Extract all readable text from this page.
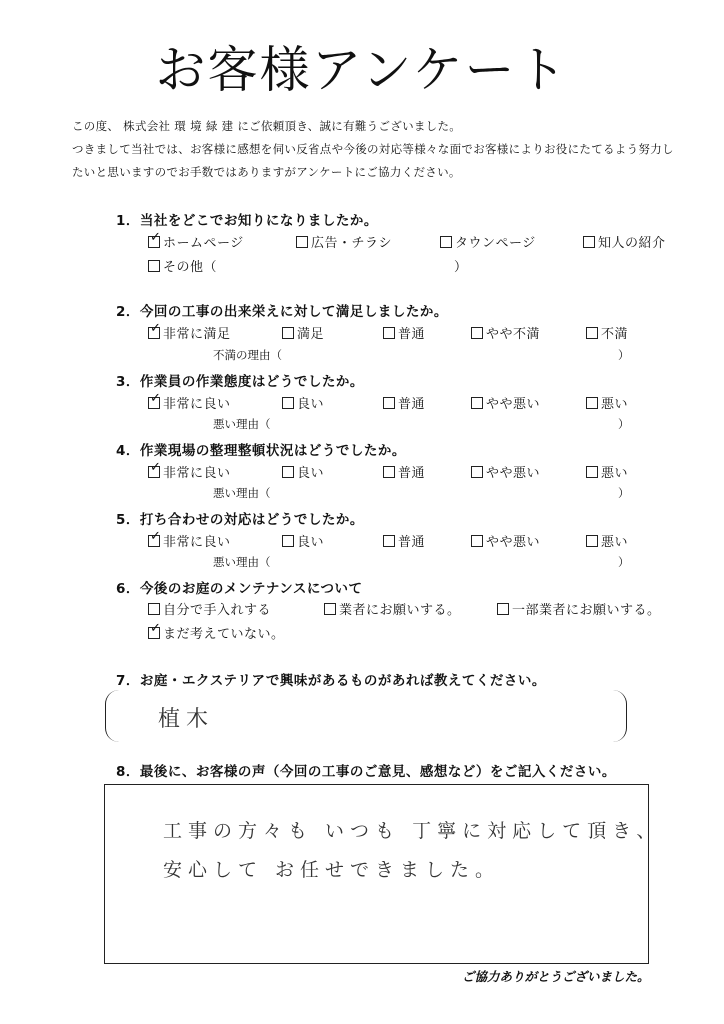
お客様アンケート
この度、 株式会社 環 境 緑 建 にご依頼頂き、誠に有難うございました。
つきまして当社では、お客様に感想を伺い反省点や今後の対応等様々な面でお客様によりお役にたてるよう努力し
たいと思いますのでお手数ではありますがアンケートにご協力ください。
1．当社をどこでお知りになりましたか。
✓ ホームページ	広告・チラシ	タウンページ	知人の紹介
その他（	）
2．今回の工事の出来栄えに対して満足しましたか。
✓ 非常に満足	満足	普通	やや不満	不満
不満の理由（	）
3．作業員の作業態度はどうでしたか。
✓ 非常に良い	良い	普通	やや悪い	悪い
悪い理由（	）
4．作業現場の整理整頓状況はどうでしたか。
✓ 非常に良い	良い	普通	やや悪い	悪い
悪い理由（	）
5．打ち合わせの対応はどうでしたか。
✓ 非常に良い	良い	普通	やや悪い	悪い
悪い理由（	）
6．今後のお庭のメンテナンスについて
自分で手入れする	業者にお願いする。	一部業者にお願いする。
✓ まだ考えていない。
7．お庭・エクステリアで興味があるものがあれば教えてください。
植木
8．最後に、お客様の声（今回の工事のご意見、感想など）をご記入ください。
工事の方々も いつも 丁寧に対応して頂き、
安心して お任せできました。
ご協力ありがとうございました。
